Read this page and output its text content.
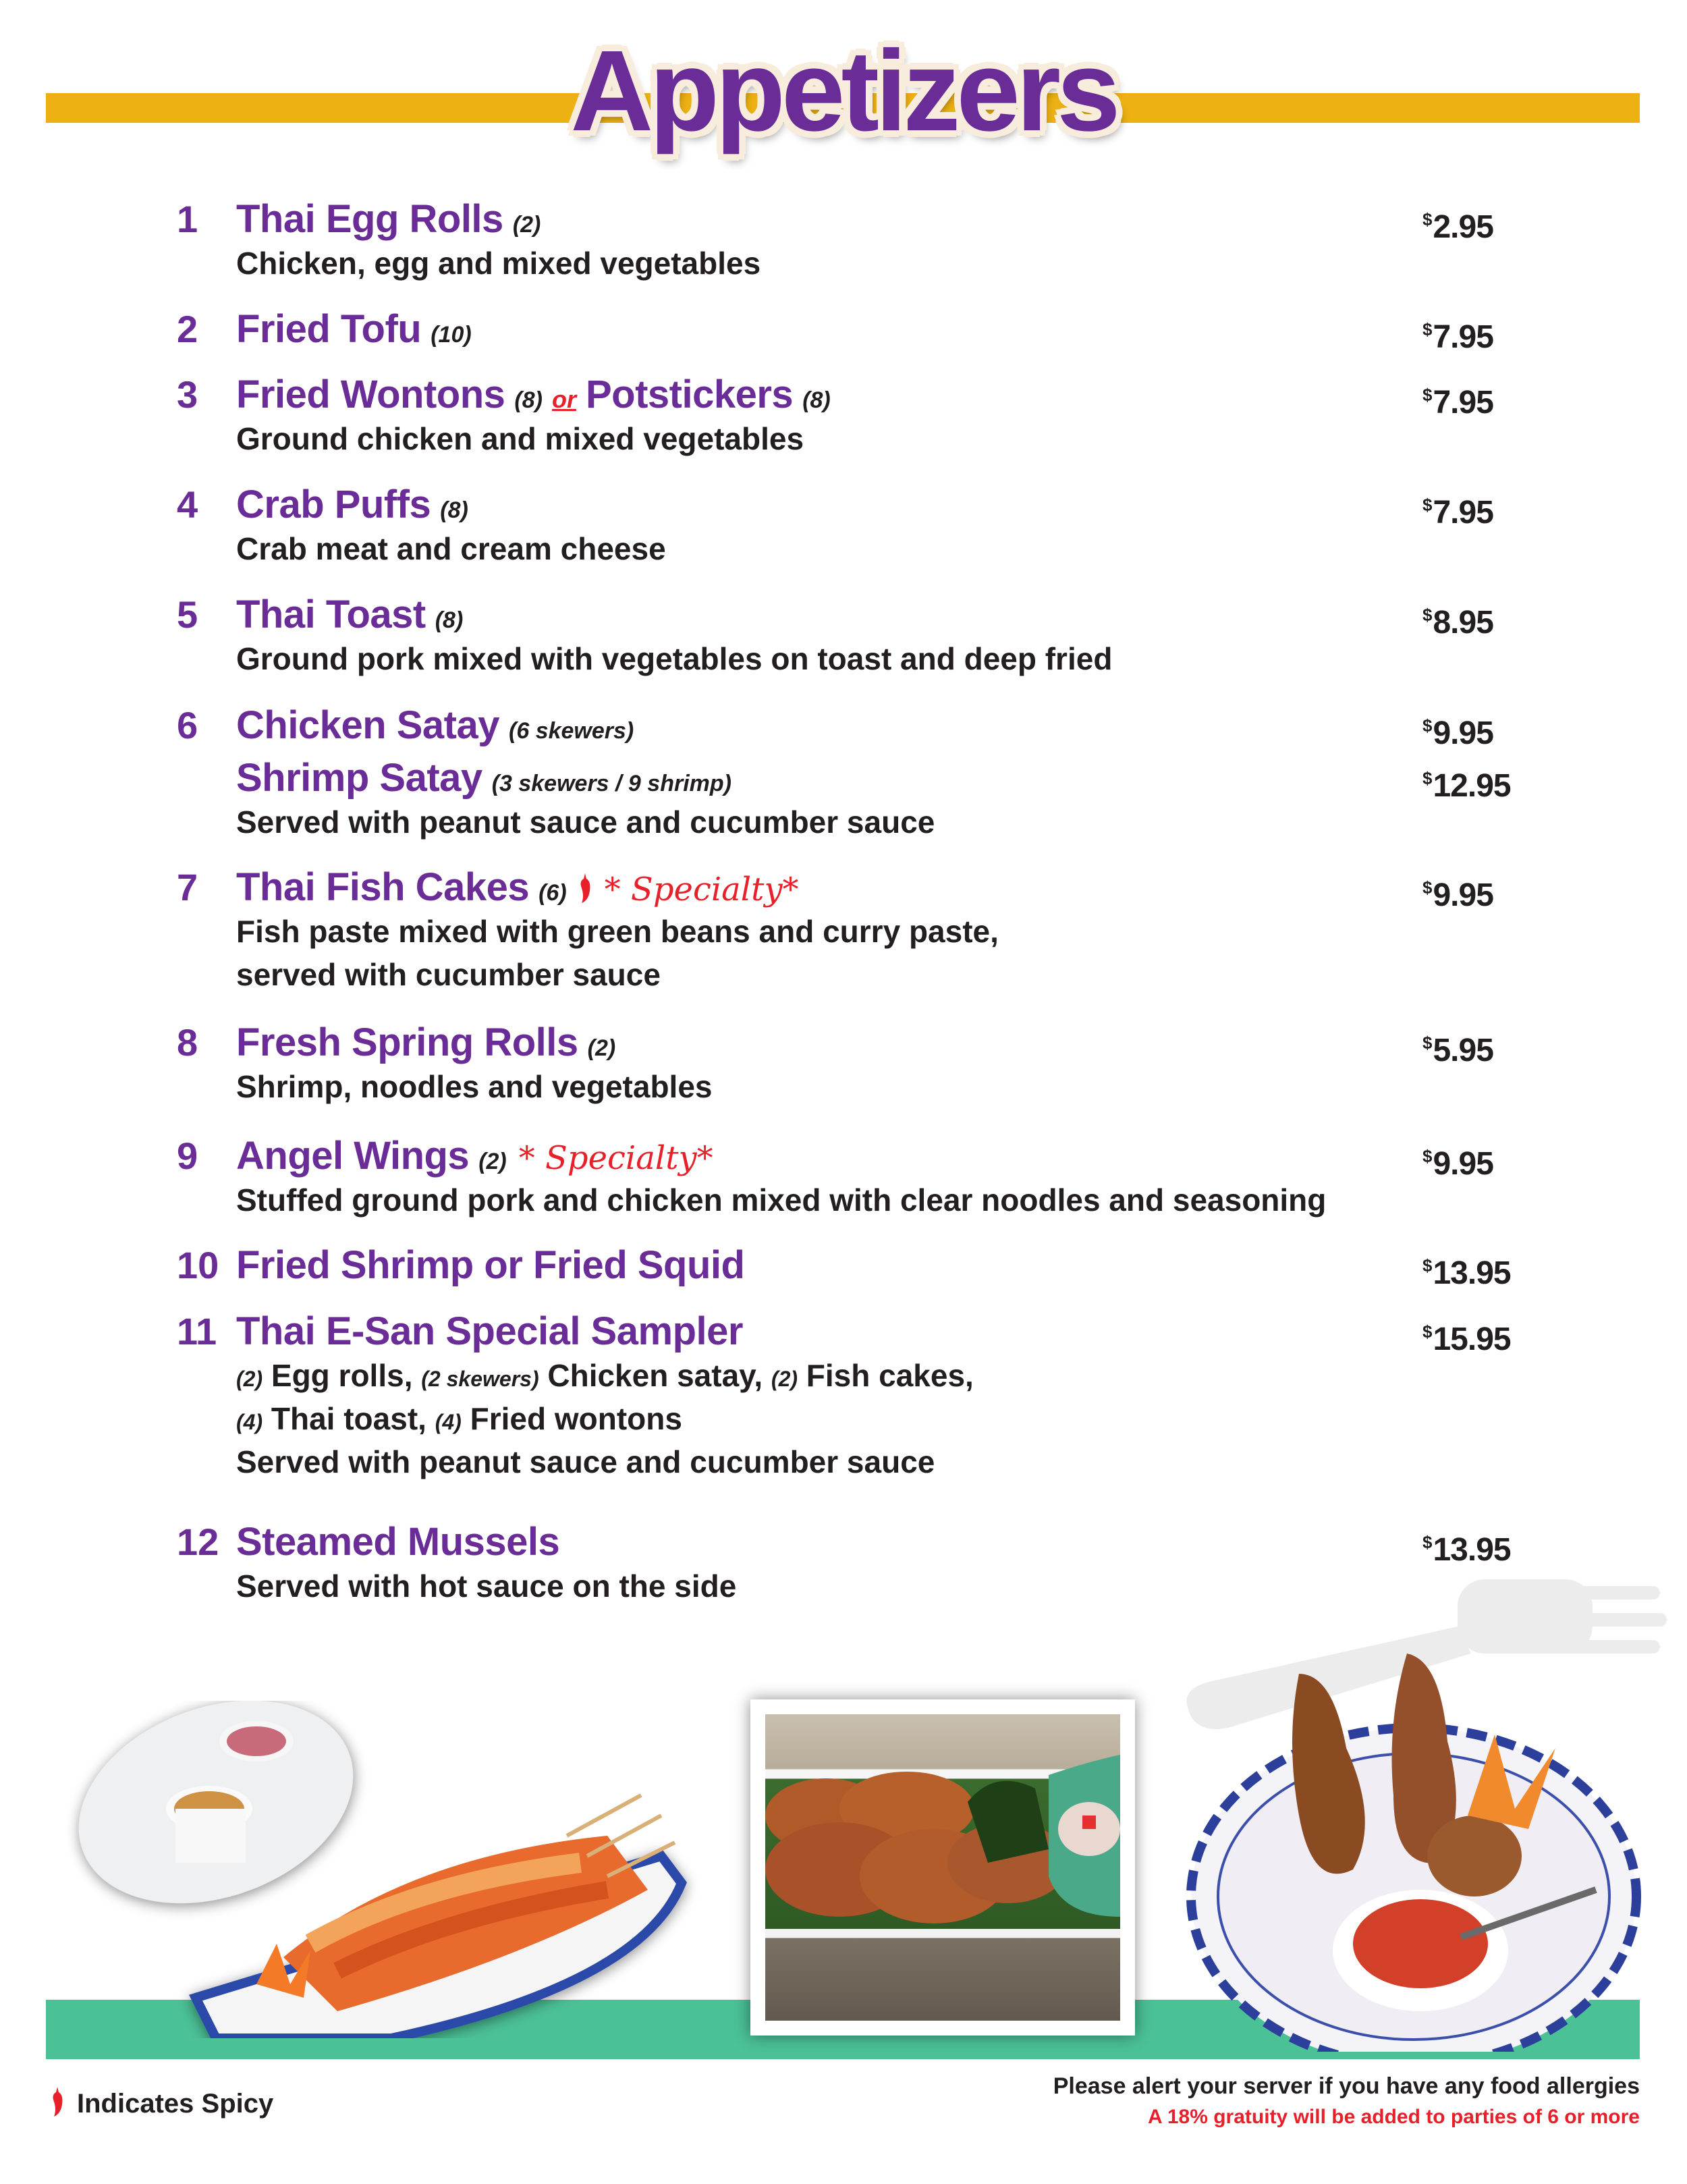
Appetizers
1 Thai Egg Rolls (2)	$2.95
Chicken, egg and mixed vegetables
2 Fried Tofu (10)	$7.95
3 Fried Wontons (8) or Potstickers (8)	$7.95
Ground chicken and mixed vegetables
4 Crab Puffs (8)	$7.95
Crab meat and cream cheese
5 Thai Toast (8)	$8.95
Ground pork mixed with vegetables on toast and deep fried
6 Chicken Satay (6 skewers)	$9.95
Shrimp Satay (3 skewers / 9 shrimp)	$12.95
Served with peanut sauce and cucumber sauce
7 Thai Fish Cakes (6) * Specialty*	$9.95
Fish paste mixed with green beans and curry paste,
served with cucumber sauce
8 Fresh Spring Rolls (2)	$5.95
Shrimp, noodles and vegetables
9 Angel Wings (2) * Specialty*	$9.95
Stuffed ground pork and chicken mixed with clear noodles and seasoning
10 Fried Shrimp or Fried Squid	$13.95
11 Thai E-San Special Sampler	$15.95
(2) Egg rolls, (2 skewers) Chicken satay, (2) Fish cakes,
(4) Thai toast, (4) Fried wontons
Served with peanut sauce and cucumber sauce
12 Steamed Mussels	$13.95
Served with hot sauce on the side
Indicates Spicy
Please alert your server if you have any food allergies
A 18% gratuity will be added to parties of 6 or more
